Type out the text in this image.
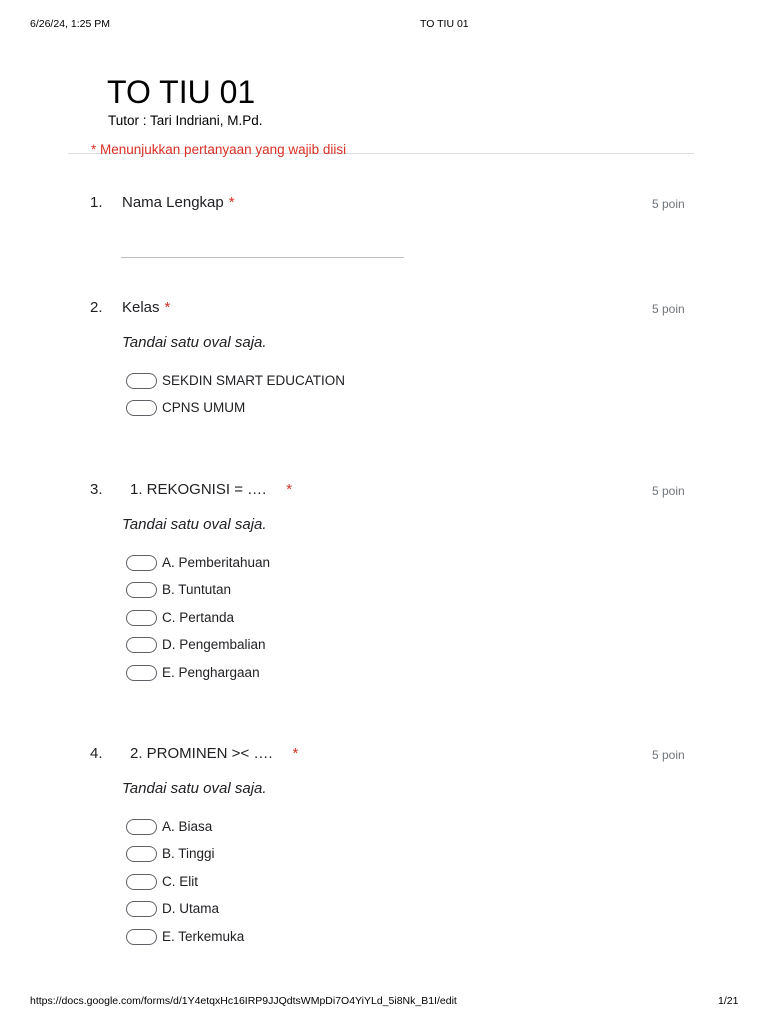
6/26/24, 1:25 PM	TO TIU 01
TO TIU 01
Tutor : Tari Indriani, M.Pd.
* Menunjukkan pertanyaan yang wajib diisi
1. Nama Lengkap *	5 poin
2. Kelas *	5 poin
Tandai satu oval saja.
SEKDIN SMART EDUCATION
CPNS UMUM
3. 1. REKOGNISI = …. *	5 poin
Tandai satu oval saja.
A. Pemberitahuan
B. Tuntutan
C. Pertanda
D. Pengembalian
E. Penghargaan
4. 2. PROMINEN >< …. *	5 poin
Tandai satu oval saja.
A. Biasa
B. Tinggi
C. Elit
D. Utama
E. Terkemuka
https://docs.google.com/forms/d/1Y4etqxHc16IRP9JJQdtsWMpDi7O4YiYLd_5i8Nk_B1I/edit	1/21
